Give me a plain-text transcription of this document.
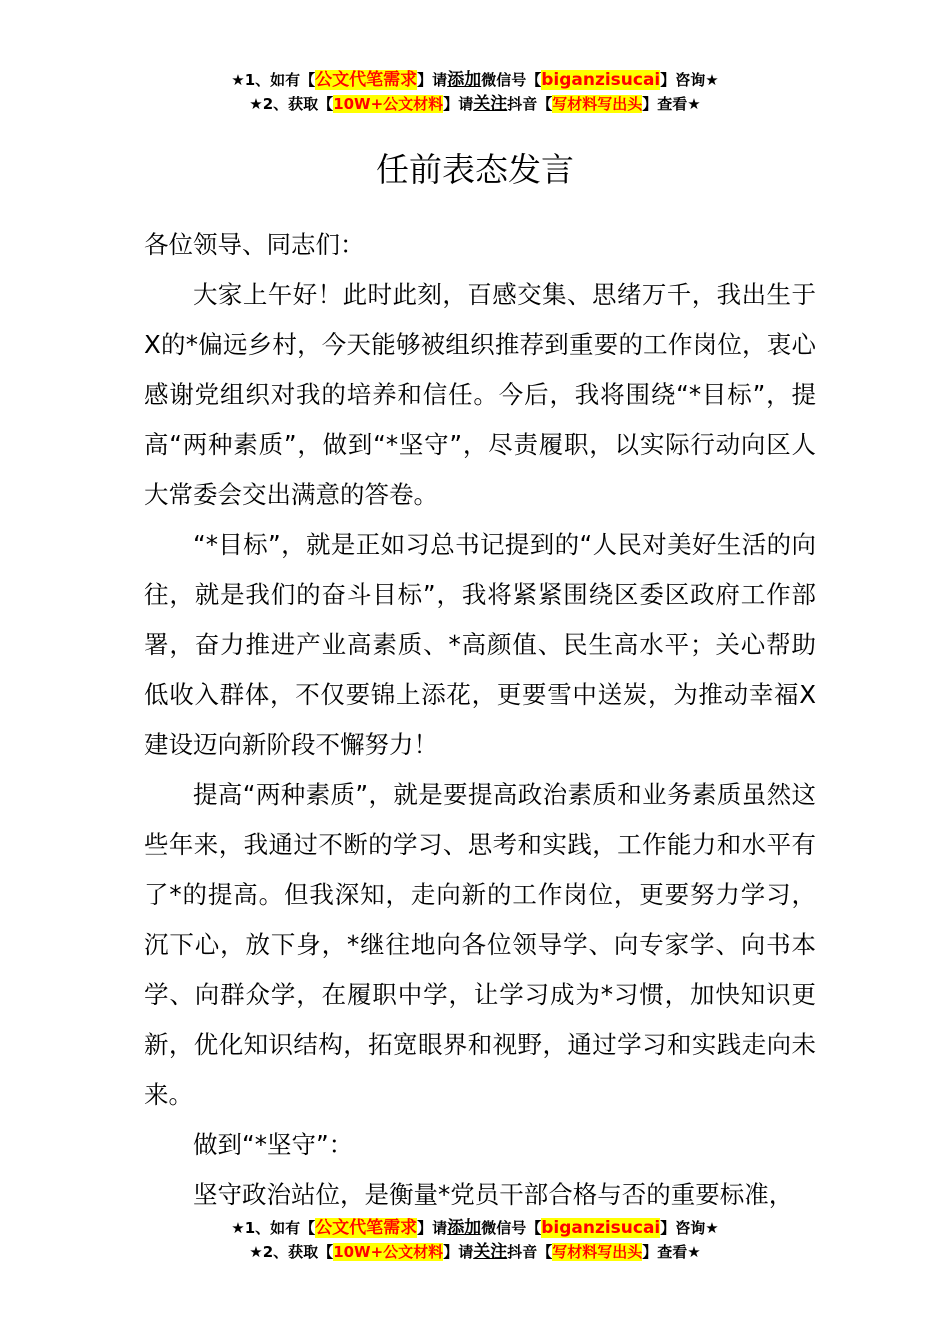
★1、如有【公文代笔需求】请添加微信号【biganzisucai】咨询★
★2、获取【10W+公文材料】请关注抖音【写材料写出头】查看★
任前表态发言

各位领导、同志们：

大家上午好！此时此刻，百感交集、思绪万千，我出生于X的*偏远乡村，今天能够被组织推荐到重要的工作岗位，衷心感谢党组织对我的培养和信任。今后，我将围绕“*目标”，提高“两种素质”，做到“*坚守”，尽责履职，以实际行动向区人大常委会交出满意的答卷。

“*目标”，就是正如习总书记提到的“人民对美好生活的向往，就是我们的奋斗目标”，我将紧紧围绕区委区政府工作部署，奋力推进产业高素质、*高颜值、民生高水平；关心帮助低收入群体，不仅要锦上添花，更要雪中送炭，为推动幸福X建设迈向新阶段不懈努力！

提高“两种素质”，就是要提高政治素质和业务素质虽然这些年来，我通过不断的学习、思考和实践，工作能力和水平有了*的提高。但我深知，走向新的工作岗位，更要努力学习，沉下心，放下身，*继往地向各位领导学、向专家学、向书本学、向群众学，在履职中学，让学习成为*习惯，加快知识更新，优化知识结构，拓宽眼界和视野，通过学习和实践走向未来。

做到“*坚守”：

坚守政治站位，是衡量*党员干部合格与否的重要标准，

★1、如有【公文代笔需求】请添加微信号【biganzisucai】咨询★
★2、获取【10W+公文材料】请关注抖音【写材料写出头】查看★
